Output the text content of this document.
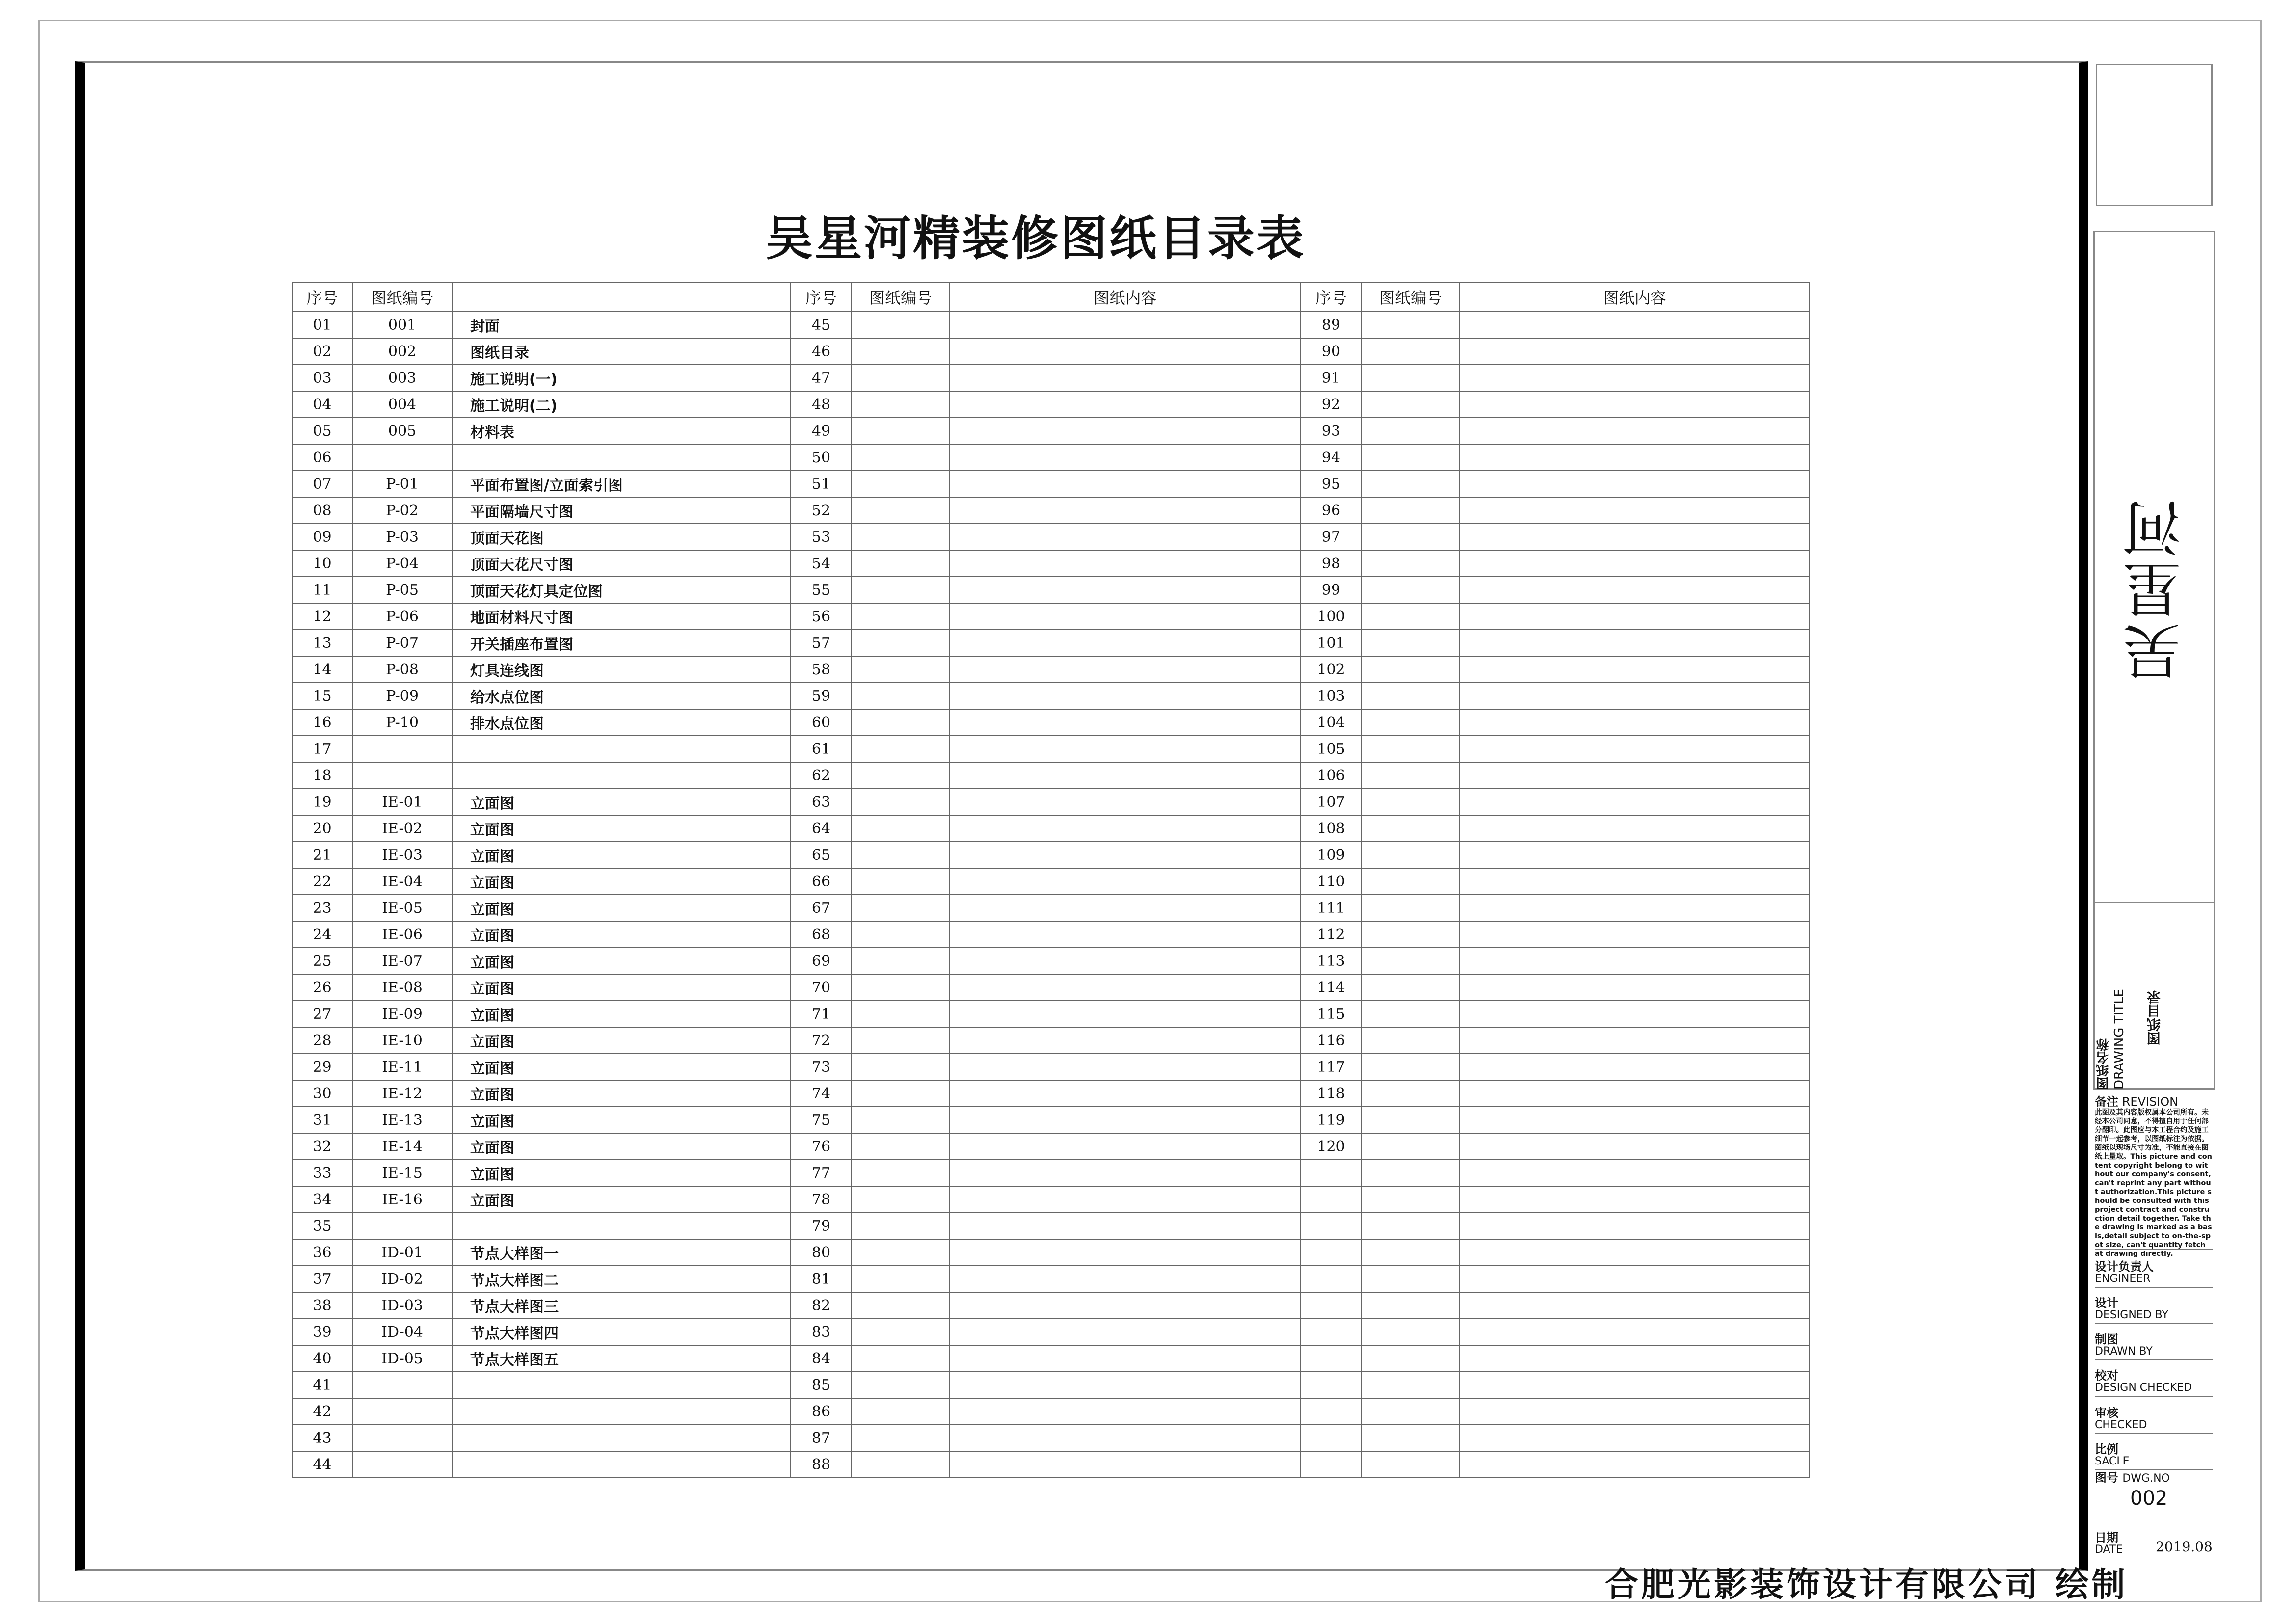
吴星河精装修图纸目录表
序号	图纸编号		序号	图纸编号	图纸内容	序号	图纸编号	图纸内容
01	001	封面	45			89		
02	002	图纸目录	46			90		
03	003	施工说明(一)	47			91		
04	004	施工说明(二)	48			92		
05	005	材料表	49			93		
06			50			94		
07	P-01	平面布置图/立面索引图	51			95		
08	P-02	平面隔墙尺寸图	52			96		
09	P-03	顶面天花图	53			97		
10	P-04	顶面天花尺寸图	54			98		
11	P-05	顶面天花灯具定位图	55			99		
12	P-06	地面材料尺寸图	56			100		
13	P-07	开关插座布置图	57			101		
14	P-08	灯具连线图	58			102		
15	P-09	给水点位图	59			103		
16	P-10	排水点位图	60			104		
17			61			105		
18			62			106		
19	IE-01	立面图	63			107		
20	IE-02	立面图	64			108		
21	IE-03	立面图	65			109		
22	IE-04	立面图	66			110		
23	IE-05	立面图	67			111		
24	IE-06	立面图	68			112		
25	IE-07	立面图	69			113		
26	IE-08	立面图	70			114		
27	IE-09	立面图	71			115		
28	IE-10	立面图	72			116		
29	IE-11	立面图	73			117		
30	IE-12	立面图	74			118		
31	IE-13	立面图	75			119		
32	IE-14	立面图	76			120		
33	IE-15	立面图	77					
34	IE-16	立面图	78					
35			79					
36	ID-01	节点大样图一	80					
37	ID-02	节点大样图二	81					
38	ID-03	节点大样图三	82					
39	ID-04	节点大样图四	83					
40	ID-05	节点大样图五	84					
41			85					
42			86					
43			87					
44			88					
吴星河
图纸名称
DRAWING TITLE 图纸目录
备注 REVISION
此图及其内容版权属本公司所有。未经本公司同意，不得擅自用于任何部分翻印。此图应与本工程合约及施工细节一起参考，以图纸标注为依据。图纸以现场尺寸为准，不能直接在图纸上量取。This picture and content copyright belong to without our company's consent,can't reprint any part without authorization.This picture should be consulted with this project contract and construction detail together. Take the drawing is marked as a basis,detail subject to on-the-spot size, can't quantity fetch at drawing directly.
设计负责人
ENGINEER
设计
DESIGNED BY
制图
DRAWN BY
校对
DESIGN CHECKED
审核
CHECKED
比例
SACLE
图号 DWG.NO
002
日期
DATE	2019.08
合肥光影装饰设计有限公司 绘制
